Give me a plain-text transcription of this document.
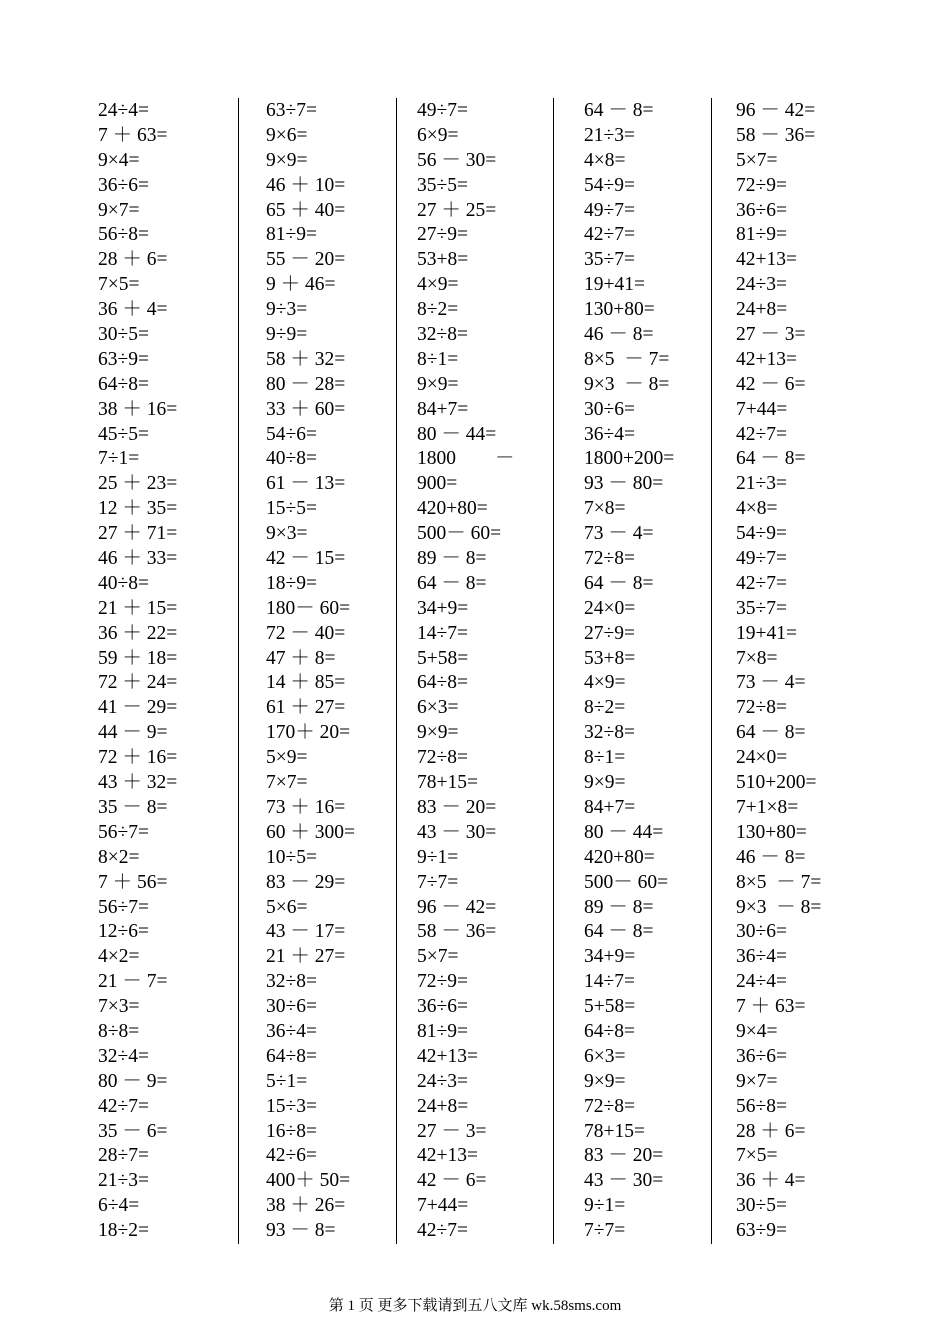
24÷4=
7 ＋ 63=
9×4=
36÷6=
9×7=
56÷8=
28 ＋ 6=
7×5=
36 ＋ 4=
30÷5=
63÷9=
64÷8=
38 ＋ 16=
45÷5=
7÷1=
25 ＋ 23=
12 ＋ 35=
27 ＋ 71=
46 ＋ 33=
40÷8=
21 ＋ 15=
36 ＋ 22=
59 ＋ 18=
72 ＋ 24=
41 － 29=
44 － 9=
72 ＋ 16=
43 ＋ 32=
35 － 8=
56÷7=
8×2=
7 ＋ 56=
56÷7=
12÷6=
4×2=
21 － 7=
7×3=
8÷8=
32÷4=
80 － 9=
42÷7=
35 － 6=
28÷7=
21÷3=
6÷4=
18÷2=
63÷7=
9×6=
9×9=
46 ＋ 10=
65 ＋ 40=
81÷9=
55 － 20=
9 ＋ 46=
9÷3=
9÷9=
58 ＋ 32=
80 － 28=
33 ＋ 60=
54÷6=
40÷8=
61 － 13=
15÷5=
9×3=
42 － 15=
18÷9=
180－ 60=
72 － 40=
47 ＋ 8=
14 ＋ 85=
61 ＋ 27=
170＋ 20=
5×9=
7×7=
73 ＋ 16=
60 ＋ 300=
10÷5=
83 － 29=
5×6=
43 － 17=
21 ＋ 27=
32÷8=
30÷6=
36÷4=
64÷8=
5÷1=
15÷3=
16÷8=
42÷6=
400＋ 50=
38 ＋ 26=
93 － 8=
49÷7=
6×9=
56 － 30=
35÷5=
27 ＋ 25=
27÷9=
53+8=
4×9=
8÷2=
32÷8=
8÷1=
9×9=
84+7=
80 － 44=
1800        －
900=
420+80=
500－ 60=
89 － 8=
64 － 8=
34+9=
14÷7=
5+58=
64÷8=
6×3=
9×9=
72÷8=
78+15=
83 － 20=
43 － 30=
9÷1=
7÷7=
96 － 42=
58 － 36=
5×7=
72÷9=
36÷6=
81÷9=
42+13=
24÷3=
24+8=
27 － 3=
42+13=
42 － 6=
7+44=
42÷7=
64 － 8=
21÷3=
4×8=
54÷9=
49÷7=
42÷7=
35÷7=
19+41=
130+80=
46 － 8=
8×5  － 7=
9×3  － 8=
30÷6=
36÷4=
1800+200=
93 － 80=
7×8=
73 － 4=
72÷8=
64 － 8=
24×0=
27÷9=
53+8=
4×9=
8÷2=
32÷8=
8÷1=
9×9=
84+7=
80 － 44=
420+80=
500－ 60=
89 － 8=
64 － 8=
34+9=
14÷7=
5+58=
64÷8=
6×3=
9×9=
72÷8=
78+15=
83 － 20=
43 － 30=
9÷1=
7÷7=
96 － 42=
58 － 36=
5×7=
72÷9=
36÷6=
81÷9=
42+13=
24÷3=
24+8=
27 － 3=
42+13=
42 － 6=
7+44=
42÷7=
64 － 8=
21÷3=
4×8=
54÷9=
49÷7=
42÷7=
35÷7=
19+41=
7×8=
73 － 4=
72÷8=
64 － 8=
24×0=
510+200=
7+1×8=
130+80=
46 － 8=
8×5  － 7=
9×3  － 8=
30÷6=
36÷4=
24÷4=
7 ＋ 63=
9×4=
36÷6=
9×7=
56÷8=
28 ＋ 6=
7×5=
36 ＋ 4=
30÷5=
63÷9=
第 1 页 更多下载请到五八文库 wk.58sms.com
